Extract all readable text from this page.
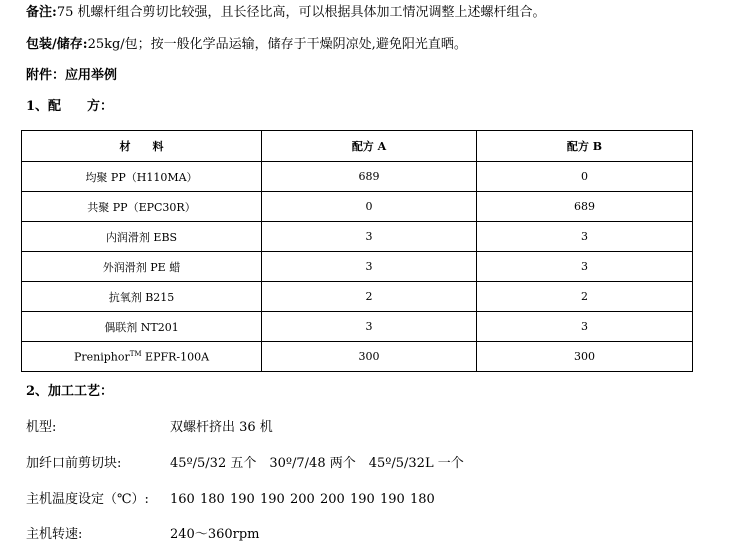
备注:75 机螺杆组合剪切比较强，且长径比高，可以根据具体加工情况调整上述螺杆组合。
包装/储存:25kg/包；按一般化学品运输，储存于干燥阴凉处,避免阳光直晒。
附件：应用举例
1、配　　方：
材　　料	配方 A	配方 B
均聚 PP（H110MA）	689	0
共聚 PP（EPC30R）	0	689
内润滑剂 EBS	3	3
外润滑剂 PE 蜡	3	3
抗氧剂 B215	2	2
偶联剂 NT201	3	3
Preniphor™ EPFR-100A	300	300
2、加工工艺：
机型:	双螺杆挤出 36 机
加纤口前剪切块:	45º/5/32 五个　30º/7/48 两个　45º/5/32L 一个
主机温度设定（℃）: 160 180 190 190 200 200 190 190 180
主机转速:	240～360rpm
